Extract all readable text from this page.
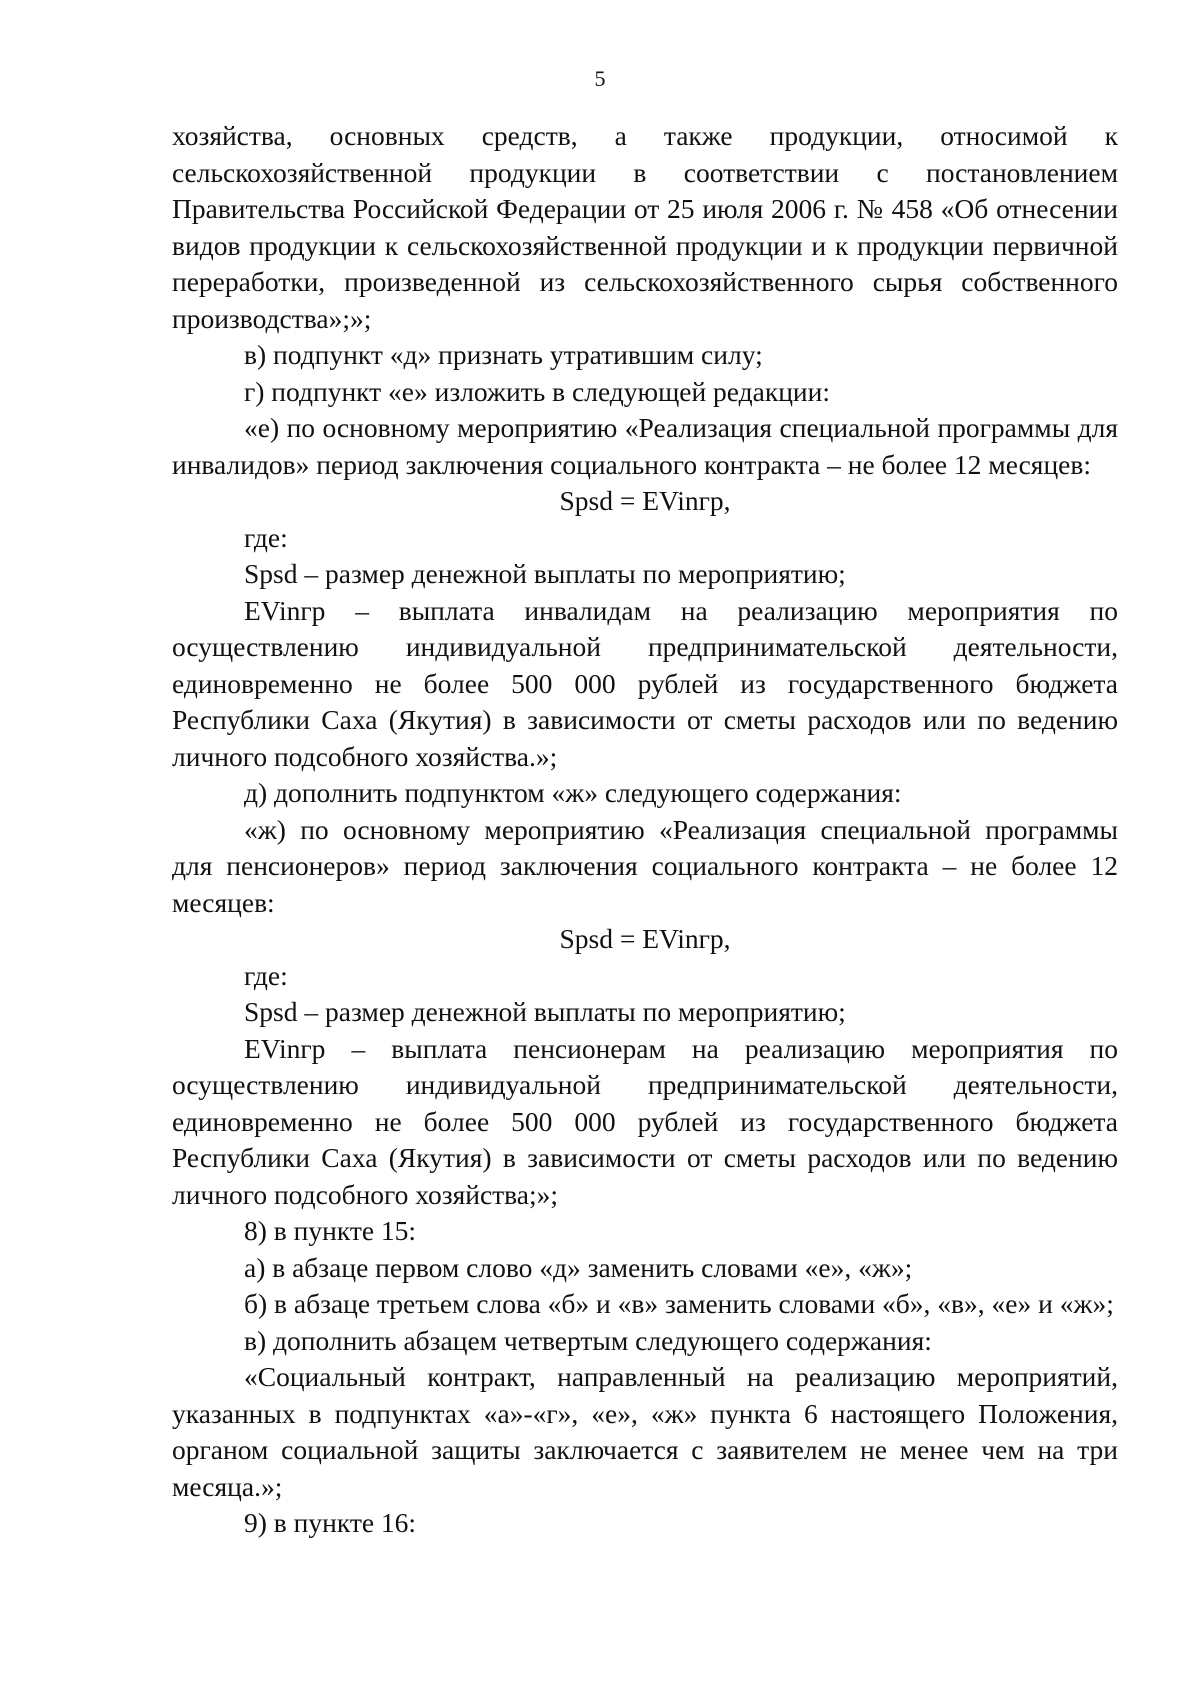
5

хозяйства, основных средств, а также продукции, относимой к сельскохозяйственной продукции в соответствии с постановлением Правительства Российской Федерации от 25 июля 2006 г. № 458 «Об отнесении видов продукции к сельскохозяйственной продукции и к продукции первичной переработки, произведенной из сельскохозяйственного сырья собственного производства»;»;

в) подпункт «д» признать утратившим силу;

г) подпункт «е» изложить в следующей редакции:

«е) по основному мероприятию «Реализация специальной программы для инвалидов» период заключения социального контракта – не более 12 месяцев:

Spsd = EVinгр,

где:

Spsd – размер денежной выплаты по мероприятию;

EVinгр – выплата инвалидам на реализацию мероприятия по осуществлению индивидуальной предпринимательской деятельности, единовременно не более 500 000 рублей из государственного бюджета Республики Саха (Якутия) в зависимости от сметы расходов или по ведению личного подсобного хозяйства.»;

д) дополнить подпунктом «ж» следующего содержания:

«ж) по основному мероприятию «Реализация специальной программы для пенсионеров» период заключения социального контракта – не более 12 месяцев:

Spsd = EVinгр,

где:

Spsd – размер денежной выплаты по мероприятию;

EVinгр – выплата пенсионерам на реализацию мероприятия по осуществлению индивидуальной предпринимательской деятельности, единовременно не более 500 000 рублей из государственного бюджета Республики Саха (Якутия) в зависимости от сметы расходов или по ведению личного подсобного хозяйства;»;

8) в пункте 15:

а) в абзаце первом слово «д» заменить словами «е», «ж»;

б) в абзаце третьем слова «б» и «в» заменить словами «б», «в», «е» и «ж»;

в) дополнить абзацем четвертым следующего содержания:

«Социальный контракт, направленный на реализацию мероприятий, указанных в подпунктах «а»-«г», «е», «ж» пункта 6 настоящего Положения, органом социальной защиты заключается с заявителем не менее чем на три месяца.»;

9) в пункте 16:
